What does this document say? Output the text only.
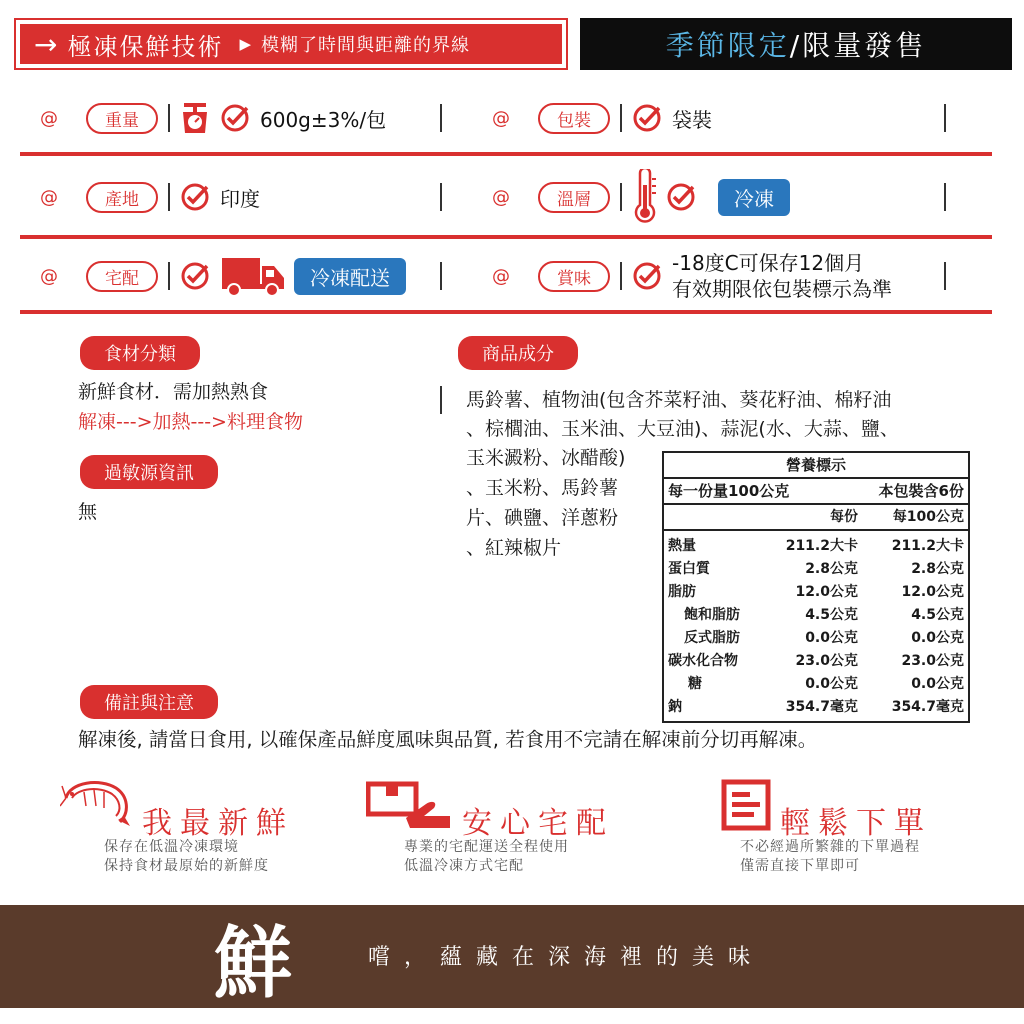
→ 極凍保鮮技術 ▶ 模糊了時間與距離的界線	季節限定 /限量發售
@	重量	600g±3%/包	@	包裝	袋裝
@	產地	印度	@	溫層	冷凍
@	宅配	冷凍配送	@	賞味
-18度C可保存12個月
有效期限依包裝標示為準
食材分類
新鮮食材．需加熱熟食
解凍--->加熱--->料理食物
過敏源資訊
無
商品成分
馬鈴薯、植物油(包含芥菜籽油、葵花籽油、棉籽油
、棕櫚油、玉米油、大豆油)、蒜泥(水、大蒜、鹽、
玉米澱粉、冰醋酸)
、玉米粉、馬鈴薯
片、碘鹽、洋蔥粉
、紅辣椒片
營養標示
每一份量100公克	本包裝含6份
每份	每100公克
熱量	211.2大卡	211.2大卡
蛋白質	2.8公克	2.8公克
脂肪	12.0公克	12.0公克
飽和脂肪	4.5公克	4.5公克
反式脂肪	0.0公克	0.0公克
碳水化合物	23.0公克	23.0公克
糖	0.0公克	0.0公克
鈉	354.7毫克	354.7毫克
備註與注意
解凍後, 請當日食用, 以確保產品鮮度風味與品質, 若食用不完請在解凍前分切再解凍。
我最新鮮
保存在低溫冷凍環境
保持食材最原始的新鮮度
安心宅配
專業的宅配運送全程使用
低溫冷凍方式宅配
輕鬆下單
不必經過所繁雜的下單過程
僅需直接下單即可
鮮	嚐，蘊藏在深海裡的美味
